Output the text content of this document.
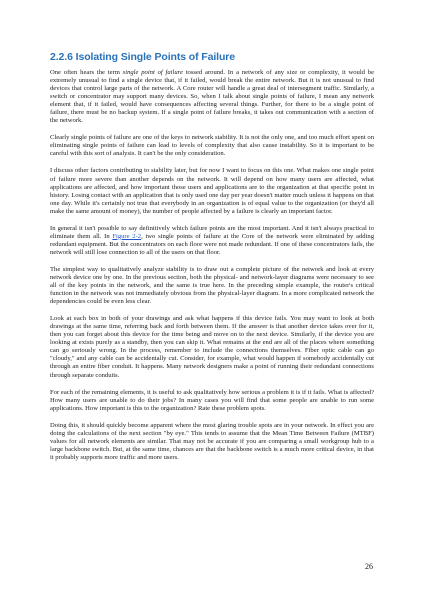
2.2.6 Isolating Single Points of Failure

One often hears the term single point of failure tossed around. In a network of any size or complexity, it would be extremely unusual to find a single device that, if it failed, would break the entire network. But it is not unusual to find devices that control large parts of the network. A Core router will handle a great deal of intersegment traffic. Similarly, a switch or concentrator may support many devices. So, when I talk about single points of failure, I mean any network element that, if it failed, would have consequences affecting several things. Further, for there to be a single point of failure, there must be no backup system. If a single point of failure breaks, it takes out communication with a section of the network.

Clearly single points of failure are one of the keys to network stability. It is not the only one, and too much effort spent on eliminating single points of failure can lead to levels of complexity that also cause instability. So it is important to be careful with this sort of analysis. It can't be the only consideration.

I discuss other factors contributing to stability later, but for now I want to focus on this one. What makes one single point of failure more severe than another depends on the network. It will depend on how many users are affected, what applications are affected, and how important those users and applications are to the organization at that specific point in history. Losing contact with an application that is only used one day per year doesn't matter much unless it happens on that one day. While it's certainly not true that everybody in an organization is of equal value to the organization (or they'd all make the same amount of money), the number of people affected by a failure is clearly an important factor.

In general it isn't possible to say definitively which failure points are the most important. And it isn't always practical to eliminate them all. In Figure 2-2, two single points of failure at the Core of the network were eliminated by adding redundant equipment. But the concentrators on each floor were not made redundant. If one of these concentrators fails, the network will still lose connection to all of the users on that floor.

The simplest way to qualitatively analyze stability is to draw out a complete picture of the network and look at every network device one by one. In the previous section, both the physical- and network-layer diagrams were necessary to see all of the key points in the network, and the same is true here. In the preceding simple example, the router's critical function in the network was not immediately obvious from the physical-layer diagram. In a more complicated network the dependencies could be even less clear.

Look at each box in both of your drawings and ask what happens if this device fails. You may want to look at both drawings at the same time, referring back and forth between them. If the answer is that another device takes over for it, then you can forget about this device for the time being and move on to the next device. Similarly, if the device you are looking at exists purely as a standby, then you can skip it. What remains at the end are all of the places where something can go seriously wrong. In the process, remember to include the connections themselves. Fiber optic cable can go "cloudy," and any cable can be accidentally cut. Consider, for example, what would happen if somebody accidentally cut through an entire fiber conduit. It happens. Many network designers make a point of running their redundant connections through separate conduits.

For each of the remaining elements, it is useful to ask qualitatively how serious a problem it is if it fails. What is affected? How many users are unable to do their jobs? In many cases you will find that some people are unable to run some applications. How important is this to the organization? Rate these problem spots.

Doing this, it should quickly become apparent where the most glaring trouble spots are in your network. In effect you are doing the calculations of the next section "by eye." This tends to assume that the Mean Time Between Failure (MTBF) values for all network elements are similar. That may not be accurate if you are comparing a small workgroup hub to a large backbone switch. But, at the same time, chances are that the backbone switch is a much more critical device, in that it probably supports more traffic and more users.

26
